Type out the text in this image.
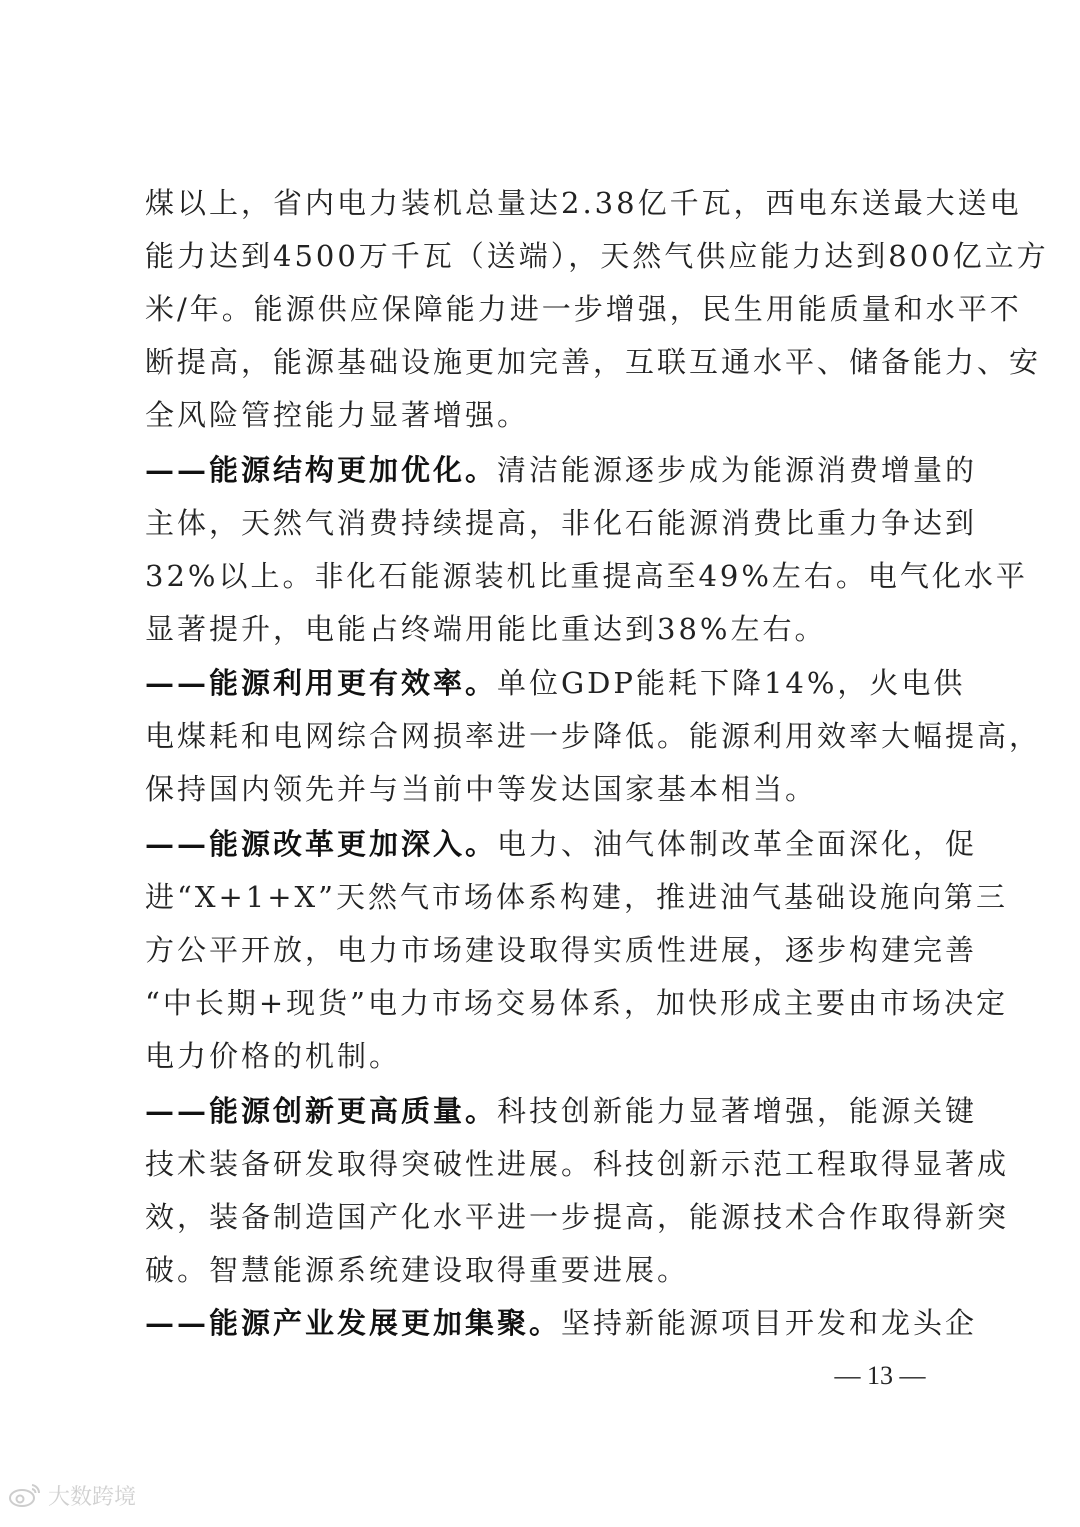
煤以上，省内电力装机总量达2.38亿千瓦，西电东送最大送电
能力达到4500万千瓦（送端），天然气供应能力达到800亿立方
米/年。能源供应保障能力进一步增强，民生用能质量和水平不
断提高，能源基础设施更加完善，互联互通水平、储备能力、安
全风险管控能力显著增强。
——能源结构更加优化。清洁能源逐步成为能源消费增量的
主体，天然气消费持续提高，非化石能源消费比重力争达到
32%以上。非化石能源装机比重提高至49%左右。电气化水平
显著提升，电能占终端用能比重达到38%左右。
——能源利用更有效率。单位GDP能耗下降14%，火电供
电煤耗和电网综合网损率进一步降低。能源利用效率大幅提高，
保持国内领先并与当前中等发达国家基本相当。
——能源改革更加深入。电力、油气体制改革全面深化，促
进“X+1+X”天然气市场体系构建，推进油气基础设施向第三
方公平开放，电力市场建设取得实质性进展，逐步构建完善
“中长期+现货”电力市场交易体系，加快形成主要由市场决定
电力价格的机制。
——能源创新更高质量。科技创新能力显著增强，能源关键
技术装备研发取得突破性进展。科技创新示范工程取得显著成
效，装备制造国产化水平进一步提高，能源技术合作取得新突
破。智慧能源系统建设取得重要进展。
——能源产业发展更加集聚。坚持新能源项目开发和龙头企
— 13 —
大数跨境
